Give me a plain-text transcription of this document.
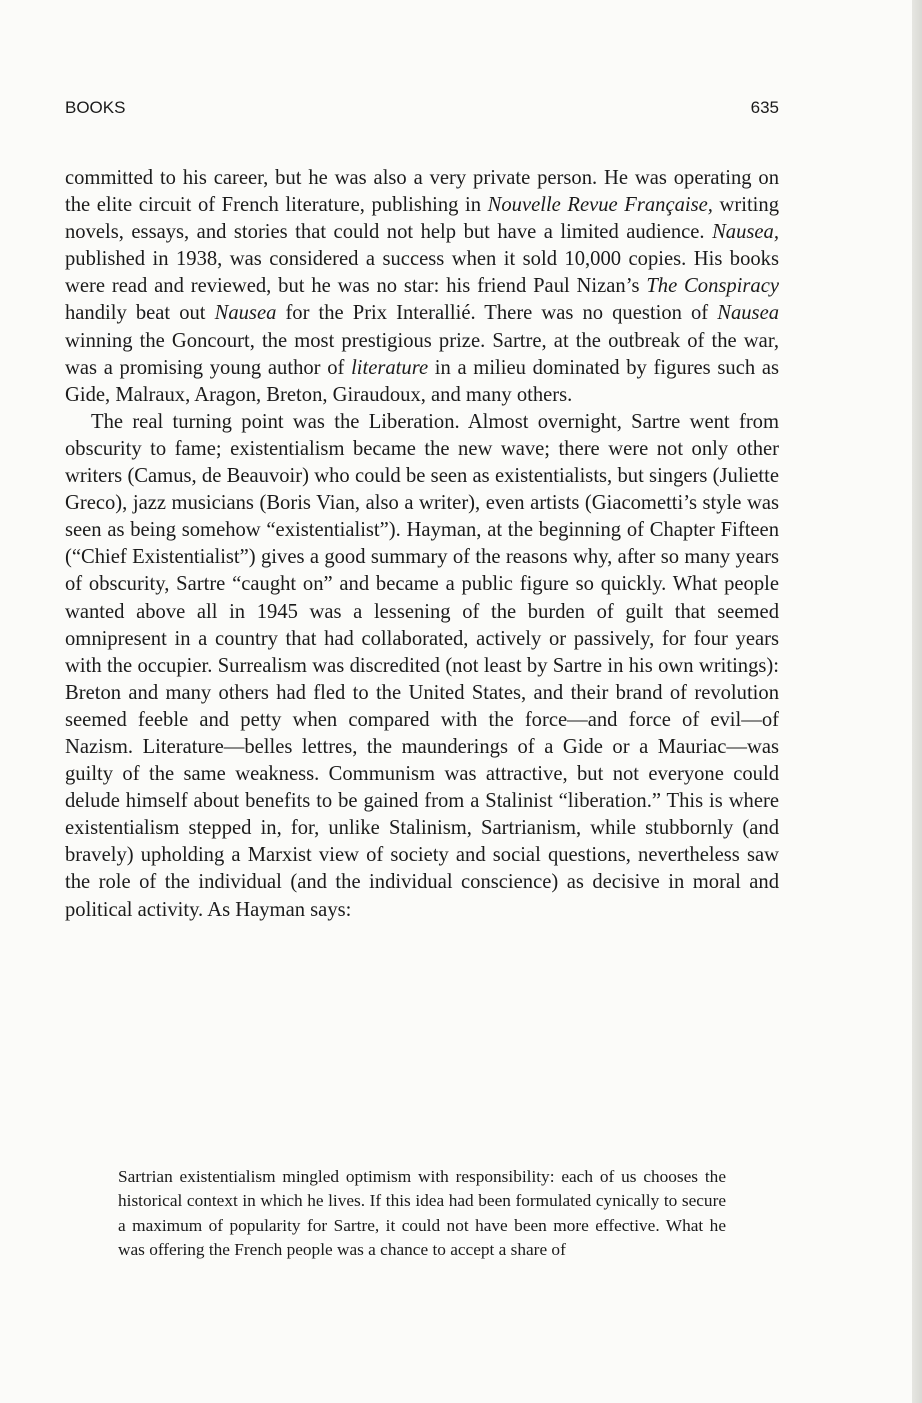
BOOKS	635

committed to his career, but he was also a very private person. He was operating on the elite circuit of French literature, publishing in Nouvelle Revue Française, writing novels, essays, and stories that could not help but have a limited audience. Nausea, published in 1938, was considered a success when it sold 10,000 copies. His books were read and reviewed, but he was no star: his friend Paul Nizan’s The Conspiracy handily beat out Nausea for the Prix Interallié. There was no question of Nausea winning the Goncourt, the most prestigious prize. Sartre, at the outbreak of the war, was a promising young author of literature in a milieu dominated by figures such as Gide, Malraux, Aragon, Breton, Giraudoux, and many others.

The real turning point was the Liberation. Almost overnight, Sartre went from obscurity to fame; existentialism became the new wave; there were not only other writers (Camus, de Beauvoir) who could be seen as existentialists, but singers (Juliette Greco), jazz musicians (Boris Vian, also a writer), even artists (Giacometti’s style was seen as being somehow “existentialist”). Hayman, at the beginning of Chapter Fifteen (“Chief Existentialist”) gives a good summary of the reasons why, after so many years of obscurity, Sartre “caught on” and became a public figure so quickly. What people wanted above all in 1945 was a lessening of the burden of guilt that seemed omnipresent in a country that had collaborated, actively or passively, for four years with the occupier. Surrealism was discredited (not least by Sartre in his own writings): Breton and many others had fled to the United States, and their brand of revolution seemed feeble and petty when compared with the force—and force of evil—of Nazism. Literature—belles lettres, the maunderings of a Gide or a Mauriac—was guilty of the same weakness. Communism was attractive, but not everyone could delude himself about benefits to be gained from a Stalinist “liberation.” This is where existentialism stepped in, for, unlike Stalinism, Sartrianism, while stubbornly (and bravely) upholding a Marxist view of society and social questions, nevertheless saw the role of the individual (and the individual conscience) as decisive in moral and political activity. As Hayman says:

Sartrian existentialism mingled optimism with responsibility: each of us chooses the historical context in which he lives. If this idea had been formulated cynically to secure a maximum of popularity for Sartre, it could not have been more effective. What he was offering the French people was a chance to accept a share of
